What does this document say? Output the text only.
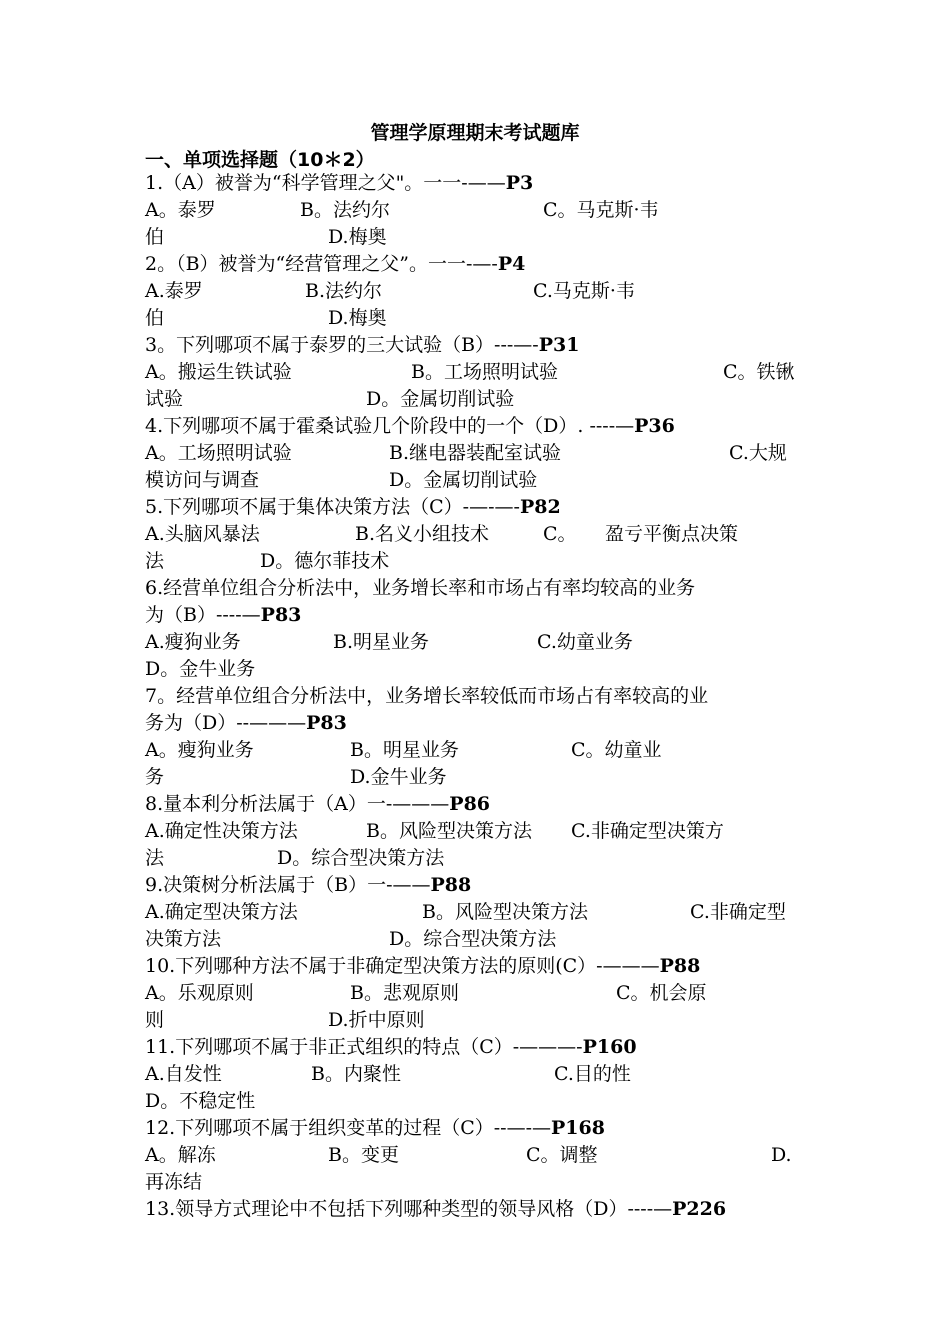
管理学原理期末考试题库
一、单项选择题（10＊2）
1.（A）被誉为“科学管理之父"。一一-—— P3
A。泰罗	B。法约尔	C。马克斯·韦
伯	D.梅奥
2。（B）被誉为“经营管理之父”。一一-—- P4
A.泰罗	B.法约尔	C.马克斯·韦
伯	D.梅奥
3。下列哪项不属于泰罗的三大试验（B）---—- P31
A。搬运生铁试验	B。工场照明试验	C。铁锹
试验	D。金属切削试验
4.下列哪项不属于霍桑试验几个阶段中的一个（D）. ----— P36
A。工场照明试验	B.继电器装配室试验	C.大规
模访问与调查	D。金属切削试验
5.下列哪项不属于集体决策方法（C）-—-—- P82
A.头脑风暴法	B.名义小组技术	C。 盈亏平衡点决策
法	D。德尔菲技术
6.经营单位组合分析法中，业务增长率和市场占有率均较高的业务
为（B）----— P83
A.瘦狗业务	B.明星业务	C.幼童业务
D。金牛业务
7。经营单位组合分析法中，业务增长率较低而市场占有率较高的业
务为（D）--——— P83
A。瘦狗业务	B。明星业务	C。幼童业
务	D.金牛业务
8.量本利分析法属于（A）一-——— P86
A.确定性决策方法	B。风险型决策方法 C.非确定型决策方
法	D。综合型决策方法
9.决策树分析法属于（B）一-—— P88
A.确定型决策方法	B。风险型决策方法	C.非确定型
决策方法	D。综合型决策方法
10.下列哪种方法不属于非确定型决策方法的原则(C）-——— P88
A。乐观原则	B。悲观原则	C。机会原
则	D.折中原则
11.下列哪项不属于非正式组织的特点（C）-———- P160
A.自发性	B。内聚性	C.目的性
D。不稳定性
12.下列哪项不属于组织变革的过程（C）--—-— P168
A。解冻	B。变更	C。调整	D.
再冻结
13.领导方式理论中不包括下列哪种类型的领导风格（D）----— P226
